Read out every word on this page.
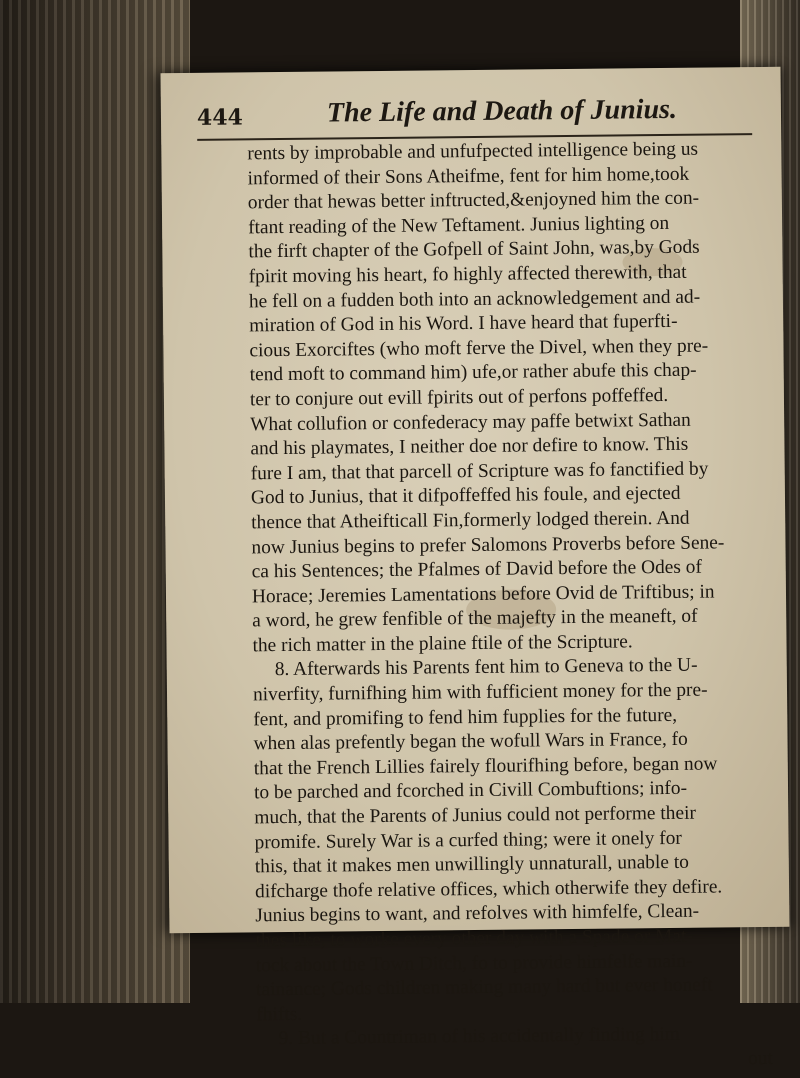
444	The Life and Death of Junius.
rents by improbable and unfufpected intelligence being us
informed of their Sons Atheifme, fent for him home,took
order that hewas better inftructed,&enjoyned him the con-
ftant reading of the New Teftament. Junius lighting on
the firft chapter of the Gofpell of Saint John, was,by Gods
fpirit moving his heart, fo highly affected therewith, that
he fell on a fudden both into an acknowledgement and ad-
miration of God in his Word. I have heard that fuperfti-
cious Exorciftes (who moft ferve the Divel, when they pre-
tend moft to command him) ufe,or rather abufe this chap-
ter to conjure out evill fpirits out of perfons poffeffed.
What collufion or confederacy may paffe betwixt Sathan
and his playmates, I neither doe nor defire to know. This
fure I am, that that parcell of Scripture was fo fanctified by
God to Junius, that it difpoffeffed his foule, and ejected
thence that Atheifticall Fin,formerly lodged therein. And
now Junius begins to prefer Salomons Proverbs before Sene-
ca his Sentences; the Pfalmes of David before the Odes of
Horace; Jeremies Lamentations before Ovid de Triftibus; in
a word, he grew fenfible of the majefty in the meaneft, of
the rich matter in the plaine ftile of the Scripture.
8. Afterwards his Parents fent him to Geneva to the U-
niverfity, furnifhing him with fufficient money for the pre-
fent, and promifing to fend him fupplies for the future,
when alas prefently began the wofull Wars in France, fo
that the French Lillies fairely flourifhing before, began now
to be parched and fcorched in Civill Combuftions; info-
much, that the Parents of Junius could not performe their
promife. Surely War is a curfed thing; were it onely for
this, that it makes men unwillingly unnaturall, unable to
difcharge thofe relative offices, which otherwife they defire.
Junius begins to want, and refolves with himfelfe, Clean-
thes like, to worke every other day with a Spade or Mat-
tock about the Town Ditch, fo to provide himfelfe main-
tainance; Gods children making many hard but ever honeft
fhifts.
9. But a Countriman of his accidentally finding him
out
